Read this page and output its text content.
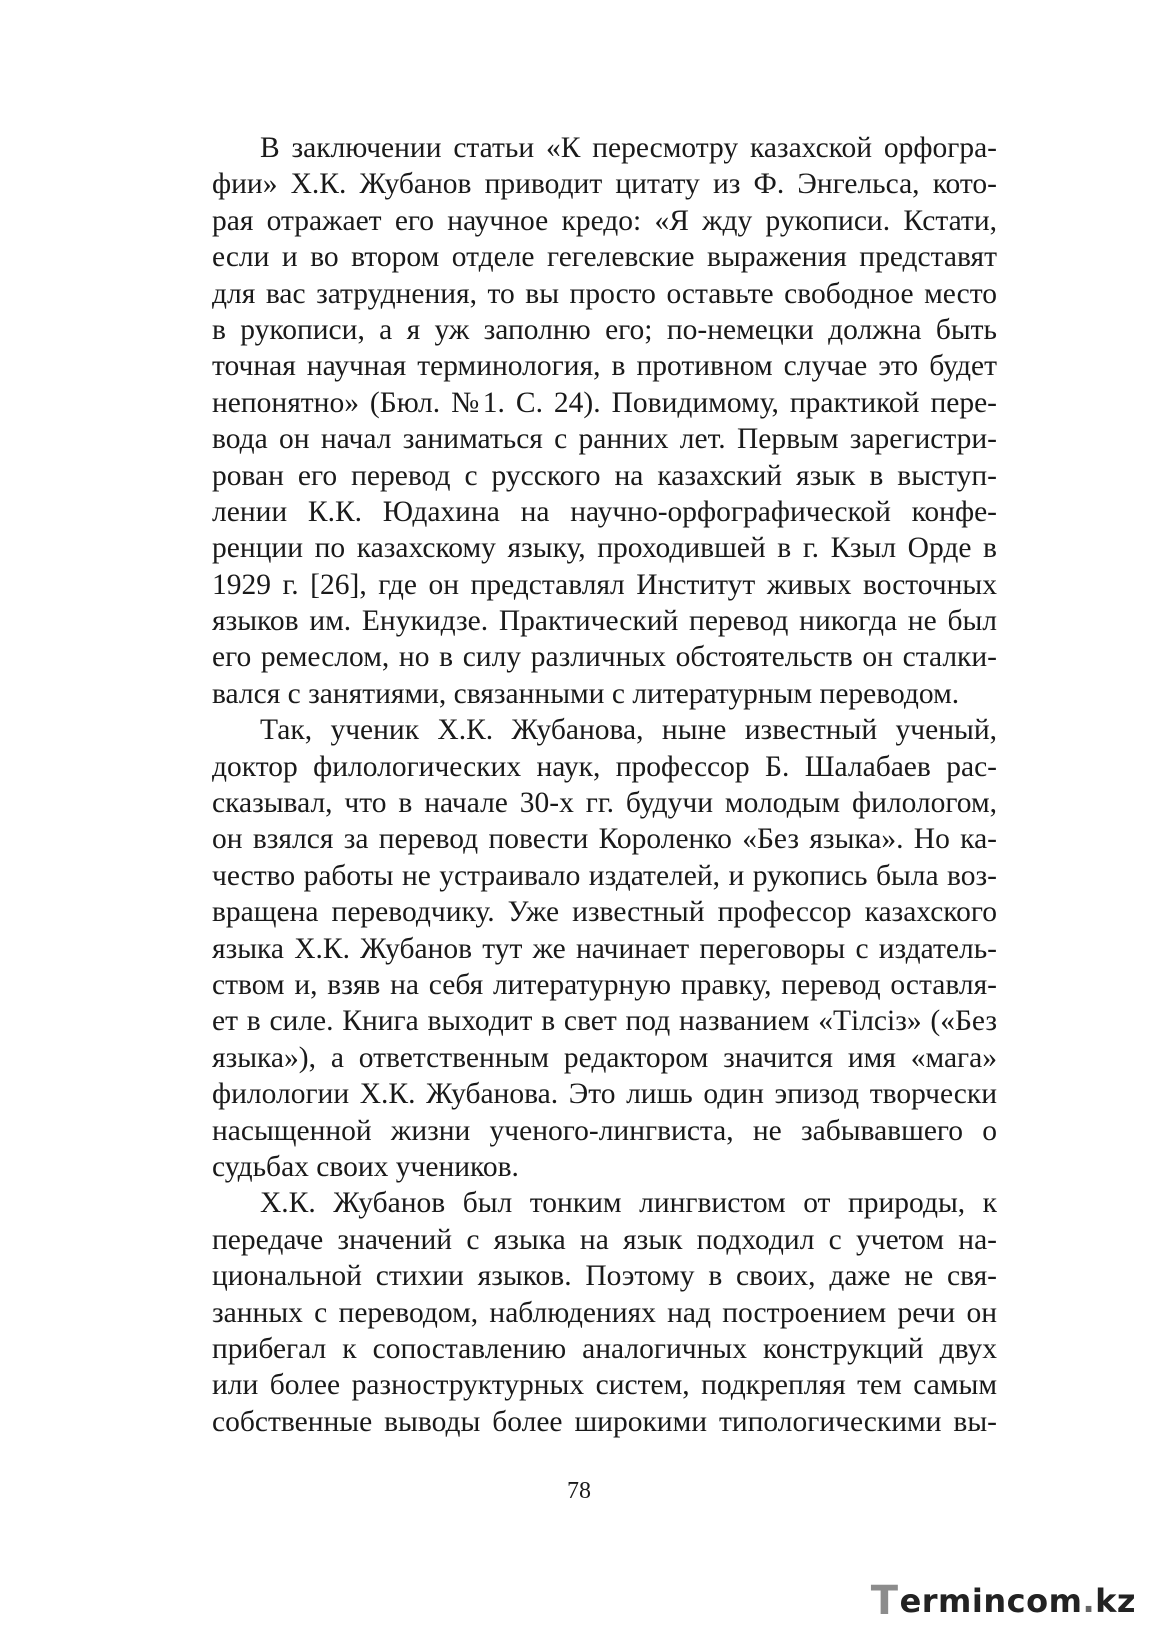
В заключении статьи «К пересмотру казахской орфогра-
фии» Х.К. Жубанов приводит цитату из Ф. Энгельса, кото-
рая отражает его научное кредо: «Я жду рукописи. Кстати,
если и во втором отделе гегелевские выражения представят
для вас затруднения, то вы просто оставьте свободное место
в рукописи, а я уж заполню его; по-немецки должна быть
точная научная терминология, в противном случае это будет
непонятно» (Бюл. №1. С. 24). Повидимому, практикой пере-
вода он начал заниматься с ранних лет. Первым зарегистри-
рован его перевод с русского на казахский язык в выступ-
лении К.К. Юдахина на научно-орфографической конфе-
ренции по казахскому языку, проходившей в г. Кзыл Орде в
1929 г. [26], где он представлял Институт живых восточных
языков им. Енукидзе. Практический перевод никогда не был
его ремеслом, но в силу различных обстоятельств он сталки-
вался с занятиями, связанными с литературным переводом.
Так, ученик Х.К. Жубанова, ныне известный ученый,
доктор филологических наук, профессор Б. Шалабаев рас-
сказывал, что в начале 30-х гг. будучи молодым филологом,
он взялся за перевод повести Короленко «Без языка». Но ка-
чество работы не устраивало издателей, и рукопись была воз-
вращена переводчику. Уже известный профессор казахского
языка Х.К. Жубанов тут же начинает переговоры с издатель-
ством и, взяв на себя литературную правку, перевод оставля-
ет в силе. Книга выходит в свет под названием «Тілсіз» («Без
языка»), а ответственным редактором значится имя «мага»
филологии Х.К. Жубанова. Это лишь один эпизод творчески
насыщенной жизни ученого-лингвиста, не забывавшего о
судьбах своих учеников.
Х.К. Жубанов был тонким лингвистом от природы, к
передаче значений с языка на язык подходил с учетом на-
циональной стихии языков. Поэтому в своих, даже не свя-
занных с переводом, наблюдениях над построением речи он
прибегал к сопоставлению аналогичных конструкций двух
или более разноструктурных систем, подкрепляя тем самым
собственные выводы более широкими типологическими вы-
78
T erminc о m . kz
